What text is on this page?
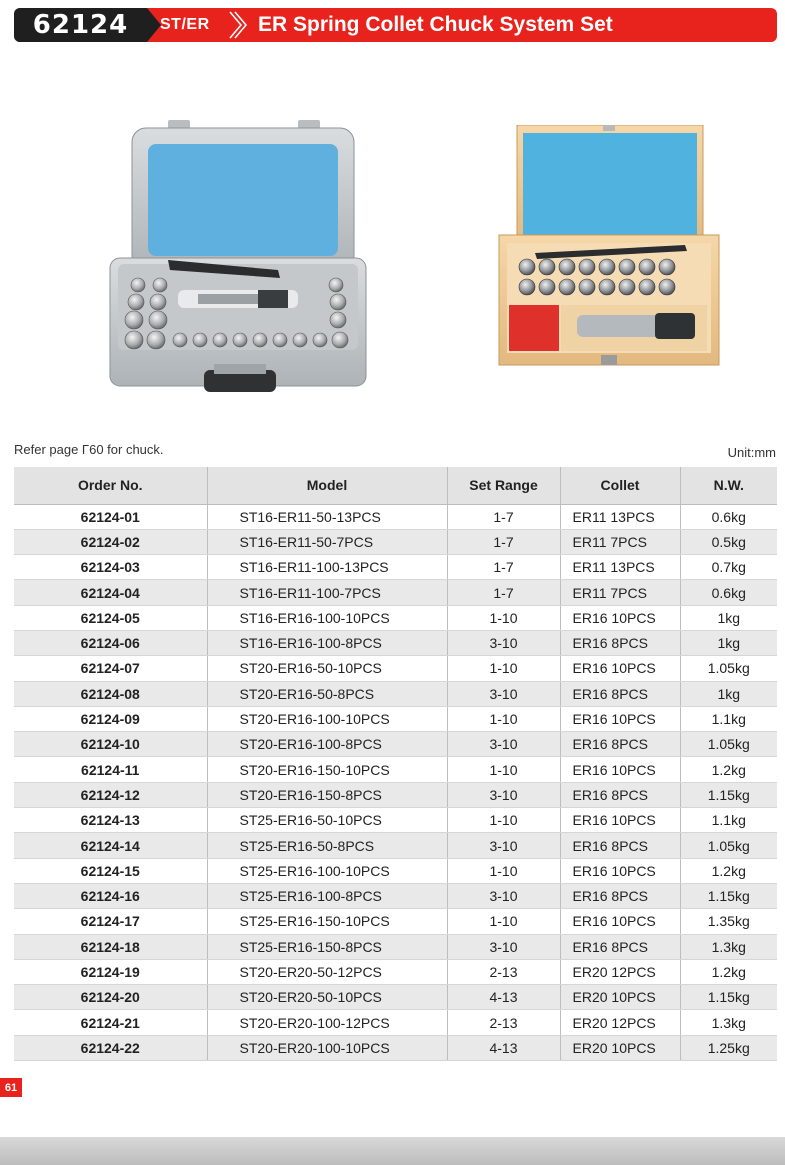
62124	ST/ER ER Spring Collet Chuck System Set
Refer page Γ60 for chuck.	Unit:mm
Order No.	Model	Set Range	Collet	N.W.
62124-01	ST16-ER11-50-13PCS	1-7	ER11 13PCS	0.6kg
62124-02	ST16-ER11-50-7PCS	1-7	ER11 7PCS	0.5kg
62124-03	ST16-ER11-100-13PCS	1-7	ER11 13PCS	0.7kg
62124-04	ST16-ER11-100-7PCS	1-7	ER11 7PCS	0.6kg
62124-05	ST16-ER16-100-10PCS	1-10	ER16 10PCS	1kg
62124-06	ST16-ER16-100-8PCS	3-10	ER16 8PCS	1kg
62124-07	ST20-ER16-50-10PCS	1-10	ER16 10PCS	1.05kg
62124-08	ST20-ER16-50-8PCS	3-10	ER16 8PCS	1kg
62124-09	ST20-ER16-100-10PCS	1-10	ER16 10PCS	1.1kg
62124-10	ST20-ER16-100-8PCS	3-10	ER16 8PCS	1.05kg
62124-11	ST20-ER16-150-10PCS	1-10	ER16 10PCS	1.2kg
62124-12	ST20-ER16-150-8PCS	3-10	ER16 8PCS	1.15kg
62124-13	ST25-ER16-50-10PCS	1-10	ER16 10PCS	1.1kg
62124-14	ST25-ER16-50-8PCS	3-10	ER16 8PCS	1.05kg
62124-15	ST25-ER16-100-10PCS	1-10	ER16 10PCS	1.2kg
62124-16	ST25-ER16-100-8PCS	3-10	ER16 8PCS	1.15kg
62124-17	ST25-ER16-150-10PCS	1-10	ER16 10PCS	1.35kg
62124-18	ST25-ER16-150-8PCS	3-10	ER16 8PCS	1.3kg
62124-19	ST20-ER20-50-12PCS	2-13	ER20 12PCS	1.2kg
62124-20	ST20-ER20-50-10PCS	4-13	ER20 10PCS	1.15kg
62124-21	ST20-ER20-100-12PCS	2-13	ER20 12PCS	1.3kg
62124-22	ST20-ER20-100-10PCS	4-13	ER20 10PCS	1.25kg
61
